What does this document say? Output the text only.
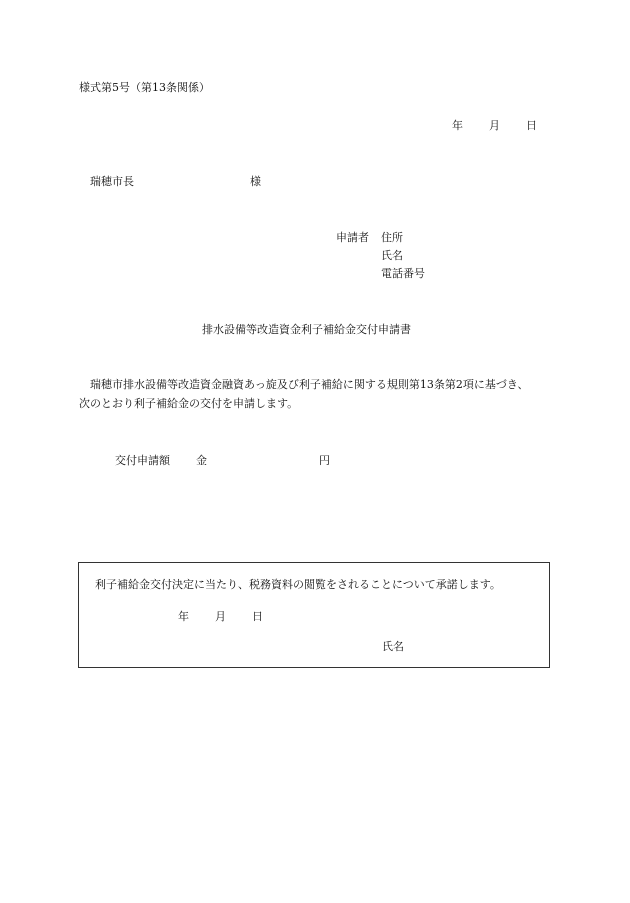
様式第5号（第13条関係）
年 月 日
瑞穂市長	様
申請者 住所
氏名
電話番号
排水設備等改造資金利子補給金交付申請書
瑞穂市排水設備等改造資金融資あっ旋及び利子補給に関する規則第13条第2項に基づき、
次のとおり利子補給金の交付を申請します。
交付申請額 金	円
利子補給金交付決定に当たり、税務資料の閲覧をされることについて承諾します。
年 月 日
氏名
